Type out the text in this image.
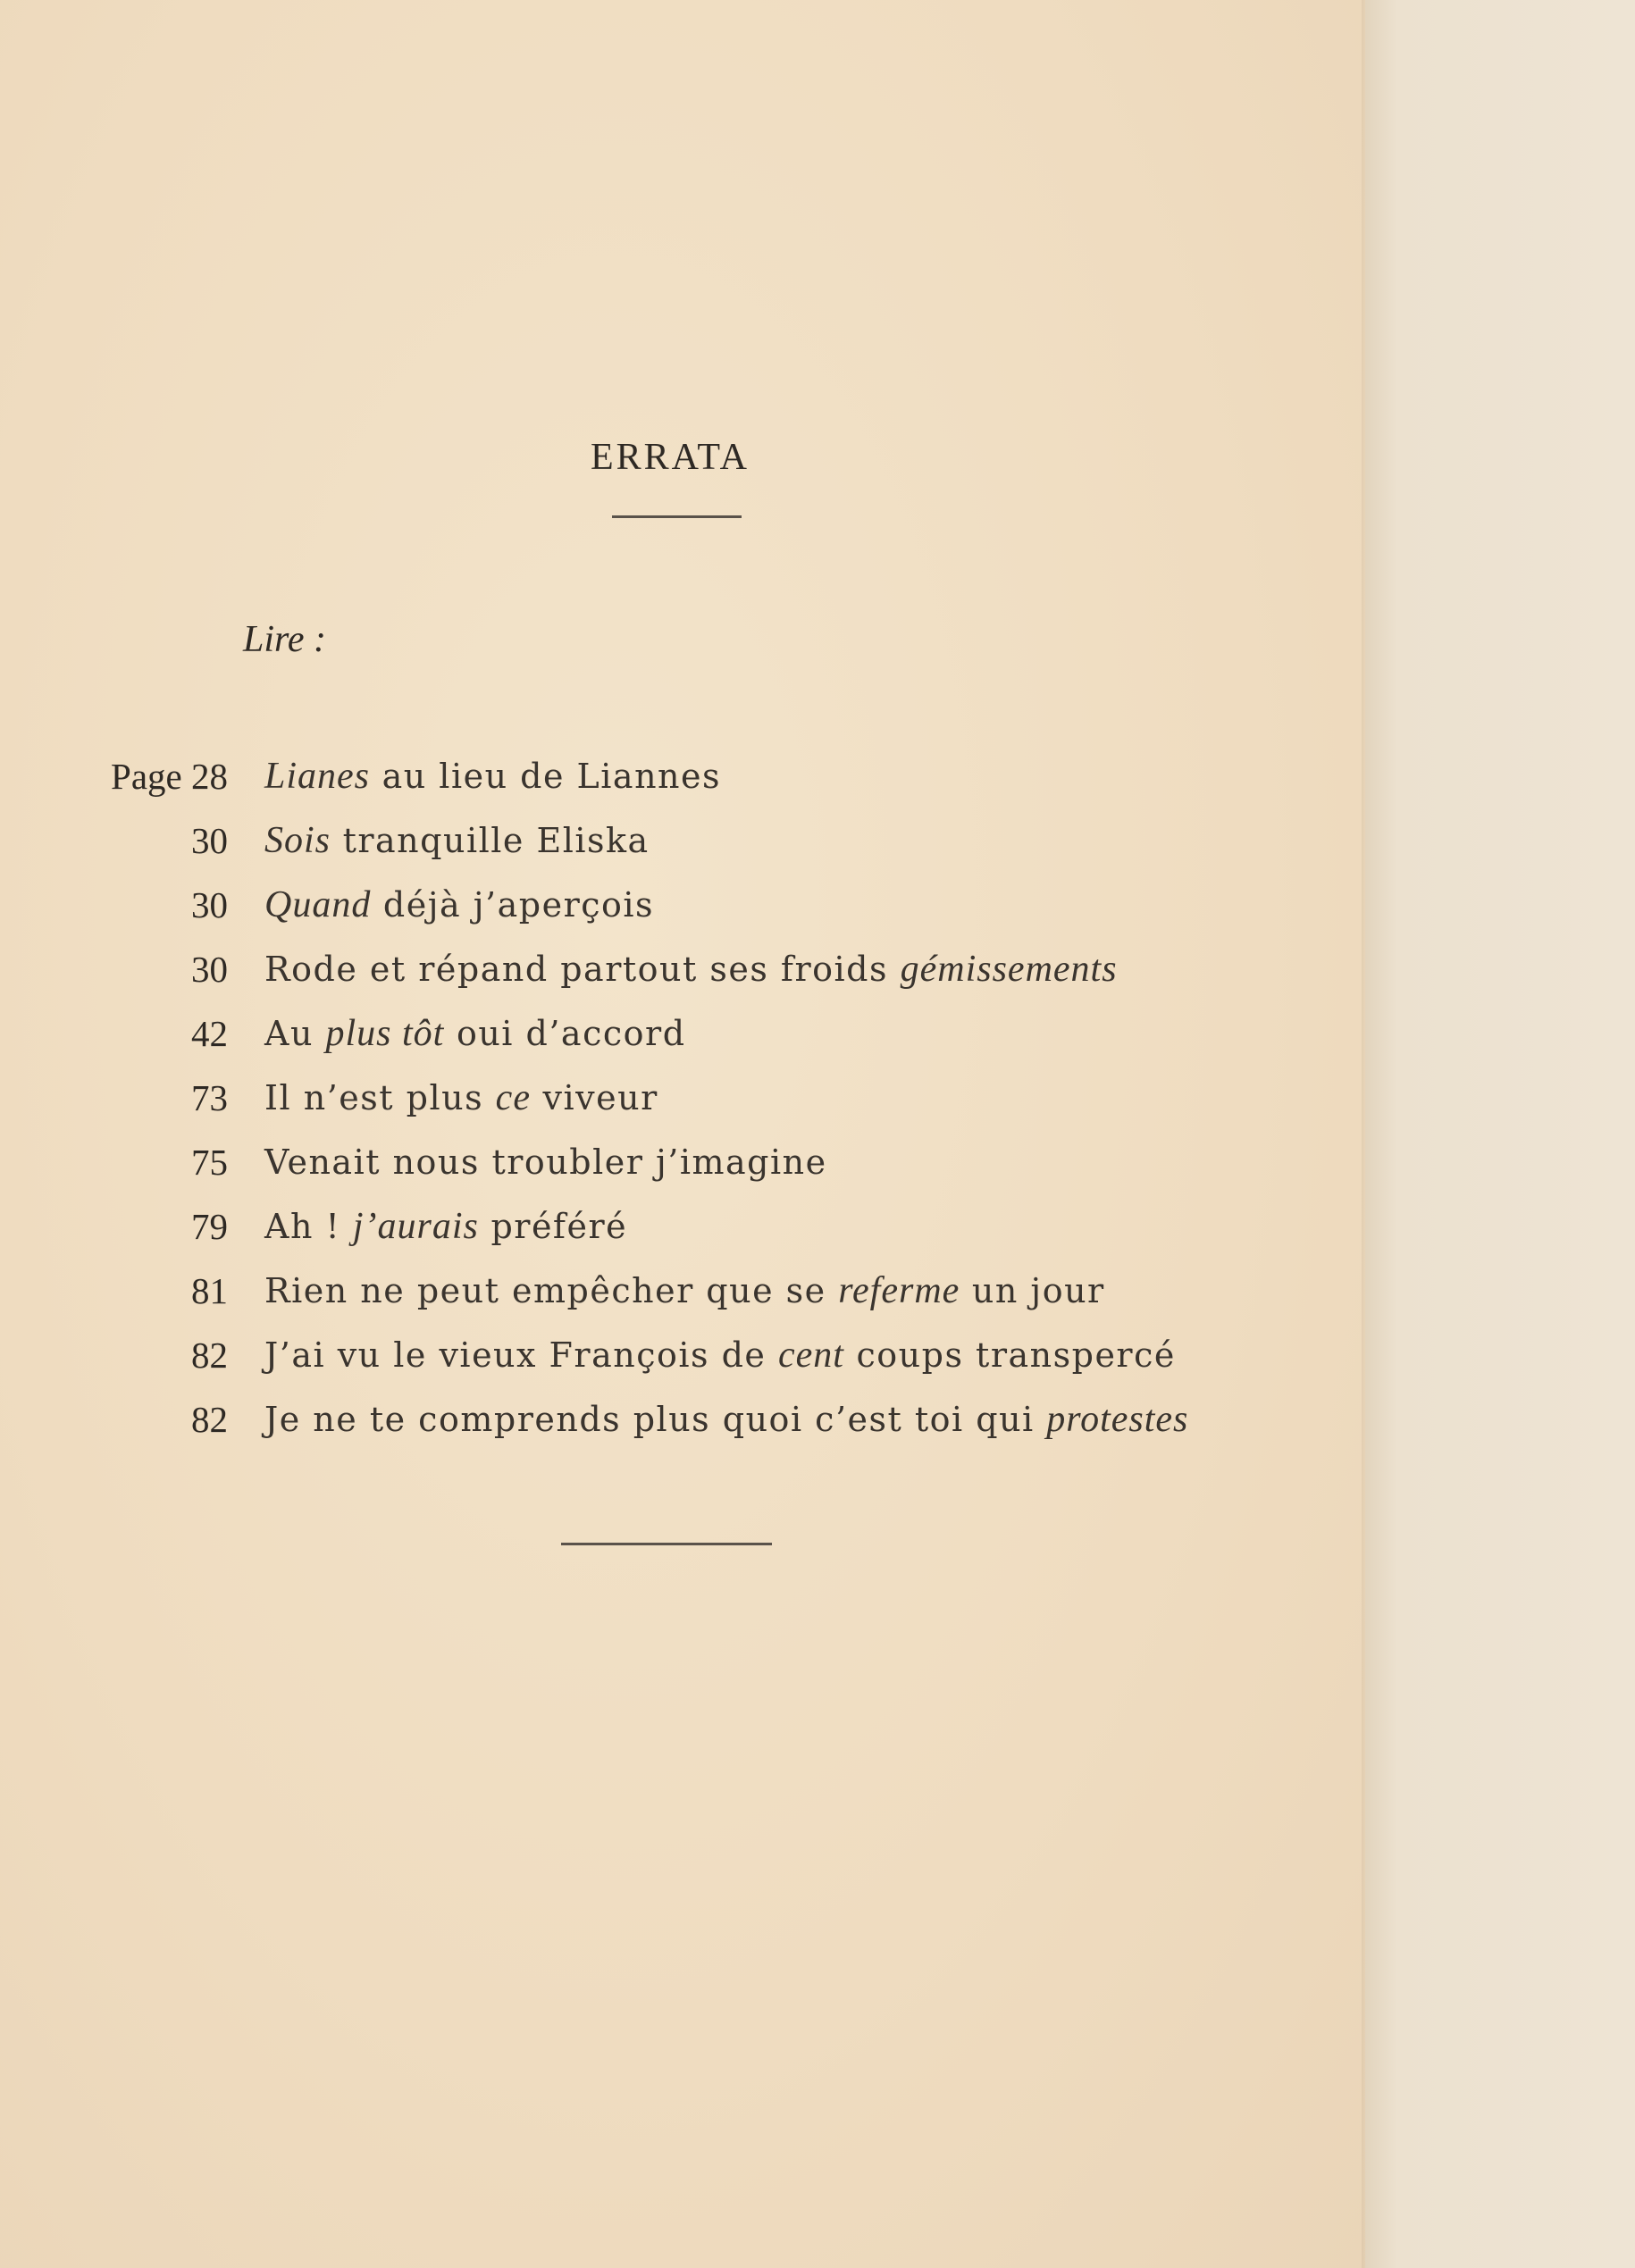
ERRATA
Lire :
Page 28 Lianes au lieu de Liannes
30 Sois tranquille Eliska
30 Quand déjà j’aperçois
30 Rode et répand partout ses froids gémissements
42 Au plus tôt oui d’accord
73 Il n’est plus ce viveur
75 Venait nous troubler j’imagine
79 Ah ! j’aurais préféré
81 Rien ne peut empêcher que se referme un jour
82 J’ai vu le vieux François de cent coups transpercé
82 Je ne te comprends plus quoi c’est toi qui protestes
